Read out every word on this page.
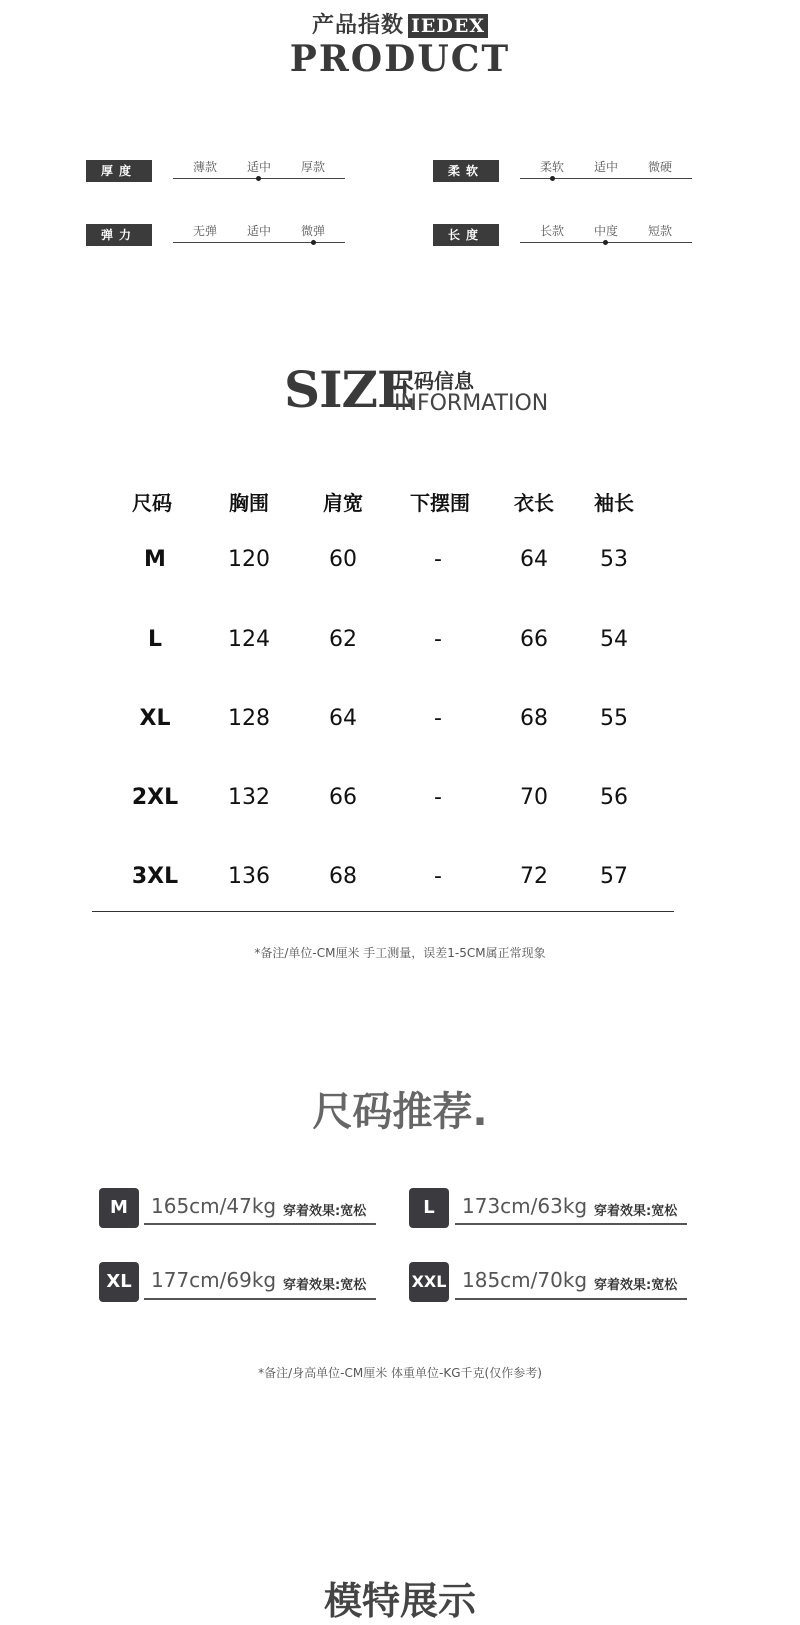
产品指数 IEDEX
PRODUCT
厚度	薄款	适中	厚款	柔软	柔软	适中	微硬
弹力	无弹	适中	微弹	长度	长款	中度	短款
SIZE
尺码信息
INFORMATION
尺码	胸围	肩宽	下摆围	衣长	袖长
M	120	60	-	64	53
L	124	62	-	66	54
XL	128	64	-	68	55
2XL	132	66	-	70	56
3XL	136	68	-	72	57
*备注/单位-CM厘米 手工测量，误差1-5CM属正常现象
尺码推荐.
M	165cm/47kg 穿着效果:宽松	L	173cm/63kg 穿着效果:宽松
XL 177cm/69kg 穿着效果:宽松	XXL 185cm/70kg 穿着效果:宽松
*备注/身高单位-CM厘米 体重单位-KG千克(仅作参考)
模特展示
